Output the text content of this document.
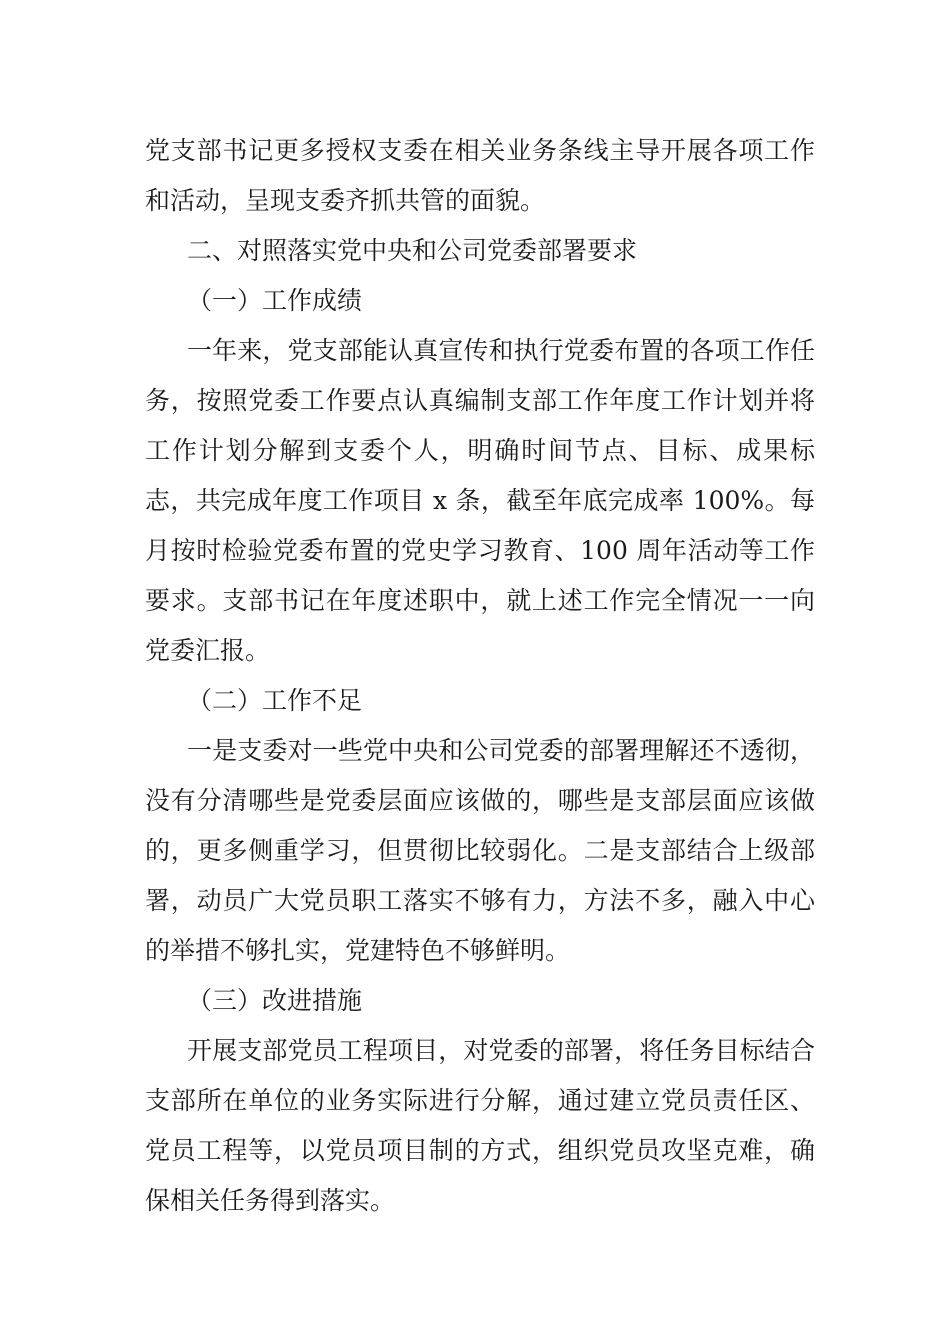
党支部书记更多授权支委在相关业务条线主导开展各项工作和活动，呈现支委齐抓共管的面貌。

二、对照落实党中央和公司党委部署要求

（一）工作成绩

一年来，党支部能认真宣传和执行党委布置的各项工作任务，按照党委工作要点认真编制支部工作年度工作计划并将工作计划分解到支委个人，明确时间节点、目标、成果标志，共完成年度工作项目 x 条，截至年底完成率 100%。每月按时检验党委布置的党史学习教育、100 周年活动等工作要求。支部书记在年度述职中，就上述工作完全情况一一向党委汇报。

（二）工作不足

一是支委对一些党中央和公司党委的部署理解还不透彻，没有分清哪些是党委层面应该做的，哪些是支部层面应该做的，更多侧重学习，但贯彻比较弱化。二是支部结合上级部署，动员广大党员职工落实不够有力，方法不多，融入中心的举措不够扎实，党建特色不够鲜明。

（三）改进措施

开展支部党员工程项目，对党委的部署，将任务目标结合支部所在单位的业务实际进行分解，通过建立党员责任区、党员工程等，以党员项目制的方式，组织党员攻坚克难，确保相关任务得到落实。
